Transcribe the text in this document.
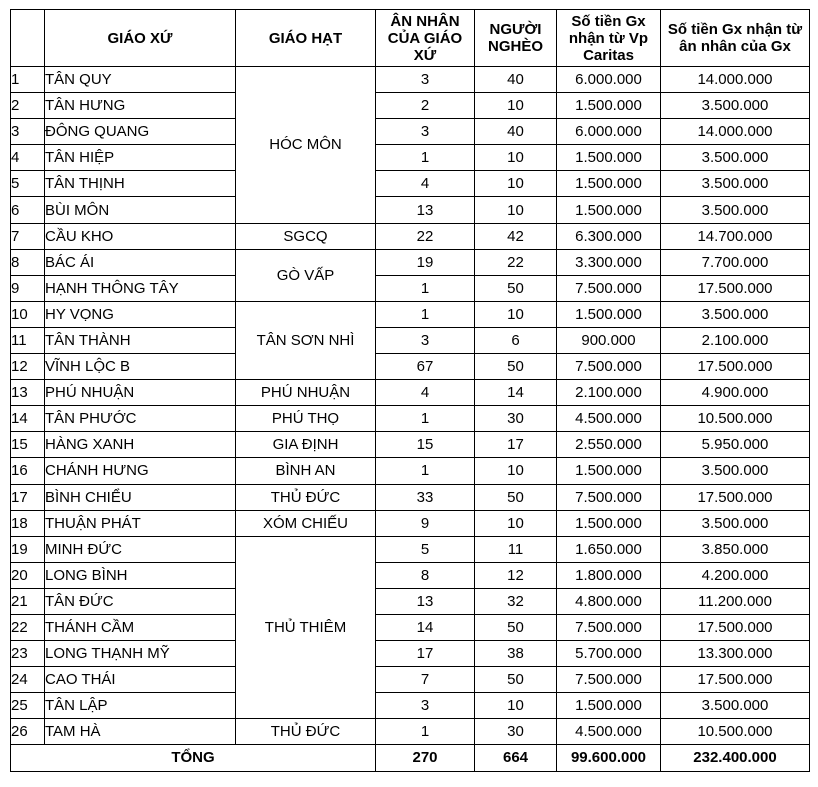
	GIÁO XỨ	GIÁO HẠT	ÂN NHÂN CỦA GIÁO XỨ	NGƯỜI NGHÈO	Số tiền Gx nhận từ Vp Caritas	Số tiền Gx nhận từ ân nhân của Gx
1	TÂN QUY	HÓC MÔN	3	40	6.000.000	14.000.000
2	TÂN HƯNG		2	10	1.500.000	3.500.000
3	ĐÔNG QUANG		3	40	6.000.000	14.000.000
4	TÂN HIỆP		1	10	1.500.000	3.500.000
5	TÂN THỊNH		4	10	1.500.000	3.500.000
6	BÙI MÔN		13	10	1.500.000	3.500.000
7	CẦU KHO	SGCQ	22	42	6.300.000	14.700.000
8	BÁC ÁI	GÒ VẤP	19	22	3.300.000	7.700.000
9	HẠNH THÔNG TÂY		1	50	7.500.000	17.500.000
10	HY VỌNG	TÂN SƠN NHÌ	1	10	1.500.000	3.500.000
11	TÂN THÀNH		3	6	900.000	2.100.000
12	VĨNH LỘC B		67	50	7.500.000	17.500.000
13	PHÚ NHUẬN	PHÚ NHUẬN	4	14	2.100.000	4.900.000
14	TÂN PHƯỚC	PHÚ THỌ	1	30	4.500.000	10.500.000
15	HÀNG XANH	GIA ĐỊNH	15	17	2.550.000	5.950.000
16	CHÁNH HƯNG	BÌNH AN	1	10	1.500.000	3.500.000
17	BÌNH CHIỂU	THỦ ĐỨC	33	50	7.500.000	17.500.000
18	THUẬN PHÁT	XÓM CHIẾU	9	10	1.500.000	3.500.000
19	MINH ĐỨC	THỦ THIÊM	5	11	1.650.000	3.850.000
20	LONG BÌNH		8	12	1.800.000	4.200.000
21	TÂN ĐỨC		13	32	4.800.000	11.200.000
22	THÁNH CẦM		14	50	7.500.000	17.500.000
23	LONG THẠNH MỸ		17	38	5.700.000	13.300.000
24	CAO THÁI		7	50	7.500.000	17.500.000
25	TÂN LẬP		3	10	1.500.000	3.500.000
26	TAM HÀ	THỦ ĐỨC	1	30	4.500.000	10.500.000
TỔNG			270	664	99.600.000	232.400.000
